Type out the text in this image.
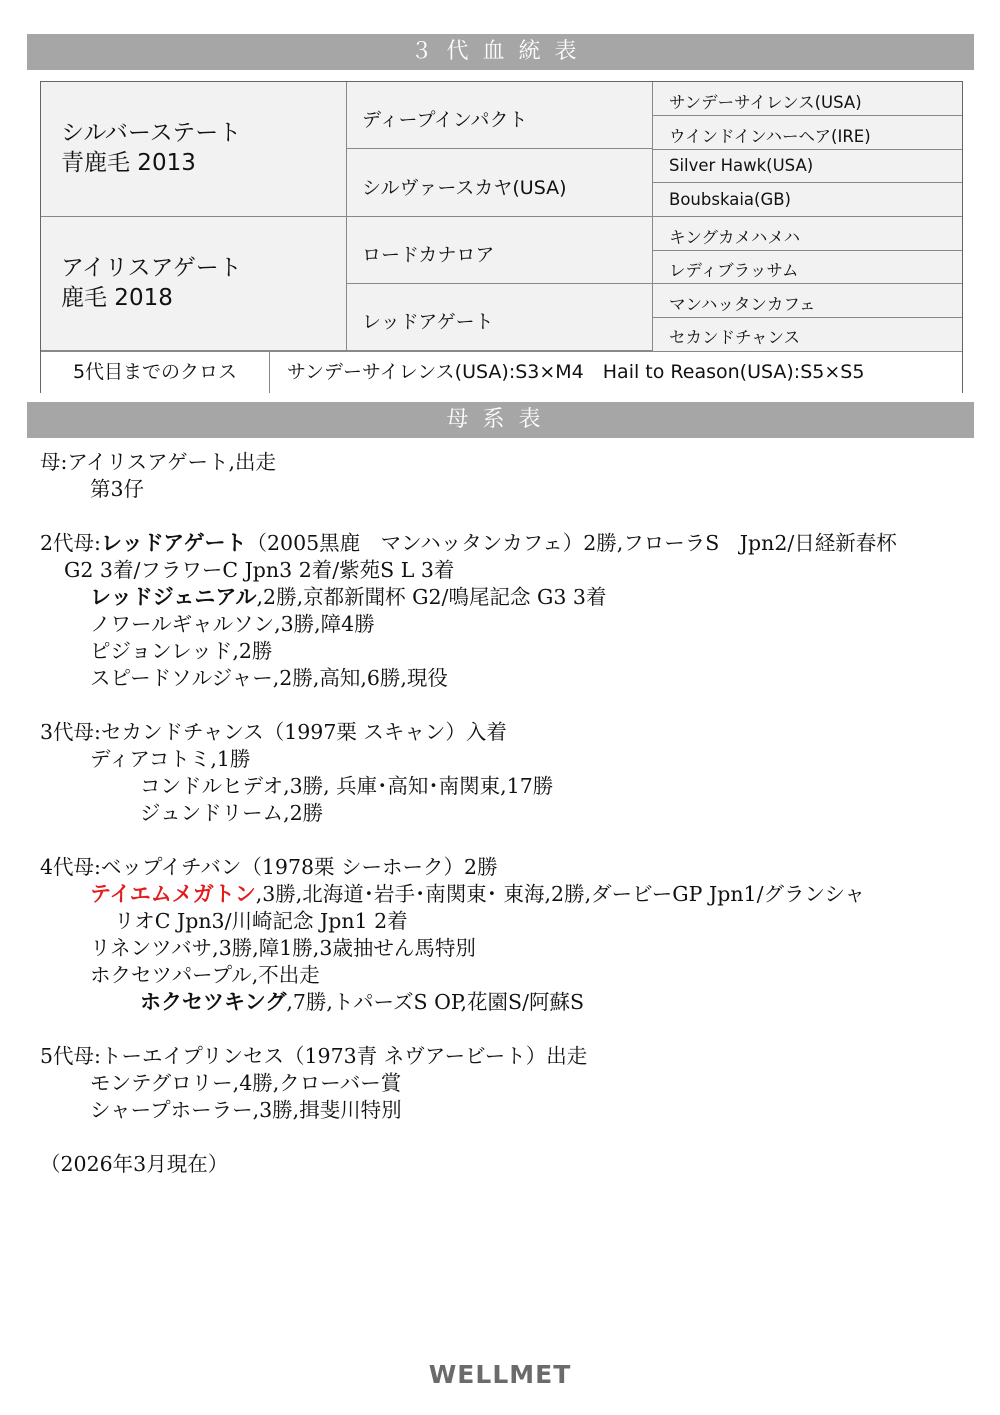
３代血統表
シルバーステート
青鹿毛 2013
アイリスアゲート
鹿毛 2018
ディープインパクト
シルヴァースカヤ(USA)
ロードカナロア
レッドアゲート
サンデーサイレンス(USA)
ウインドインハーヘア(IRE)
Silver Hawk(USA)
Boubskaia(GB)
キングカメハメハ
レディブラッサム
マンハッタンカフェ
セカンドチャンス
5代目までのクロス	サンデーサイレンス(USA):S3×M4　Hail to Reason(USA):S5×S5
母系表
母:アイリスアゲート,出走
第3仔
2代母:レッドアゲート（2005黒鹿　マンハッタンカフェ）2勝,フローラS　Jpn2/日経新春杯
G2 3着/フラワーC Jpn3 2着/紫苑S L 3着
レッドジェニアル,2勝,京都新聞杯 G2/鳴尾記念 G3 3着
ノワールギャルソン,3勝,障4勝
ピジョンレッド,2勝
スピードソルジャー,2勝,高知,6勝,現役
3代母:セカンドチャンス（1997栗 スキャン）入着
ディアコトミ,1勝
コンドルヒデオ,3勝, 兵庫･高知･南関東,17勝
ジュンドリーム,2勝
4代母:ベップイチバン（1978栗 シーホーク）2勝
テイエムメガトン,3勝,北海道･岩手･南関東･ 東海,2勝,ダービーGP Jpn1/グランシャ
リオC Jpn3/川崎記念 Jpn1 2着
リネンツバサ,3勝,障1勝,3歳抽せん馬特別
ホクセツパープル,不出走
ホクセツキング,7勝,トパーズS OP,花園S/阿蘇S
5代母:トーエイプリンセス（1973青 ネヴアービート）出走
モンテグロリー,4勝,クローバー賞
シャープホーラー,3勝,揖斐川特別
（2026年3月現在）
WELLMET
